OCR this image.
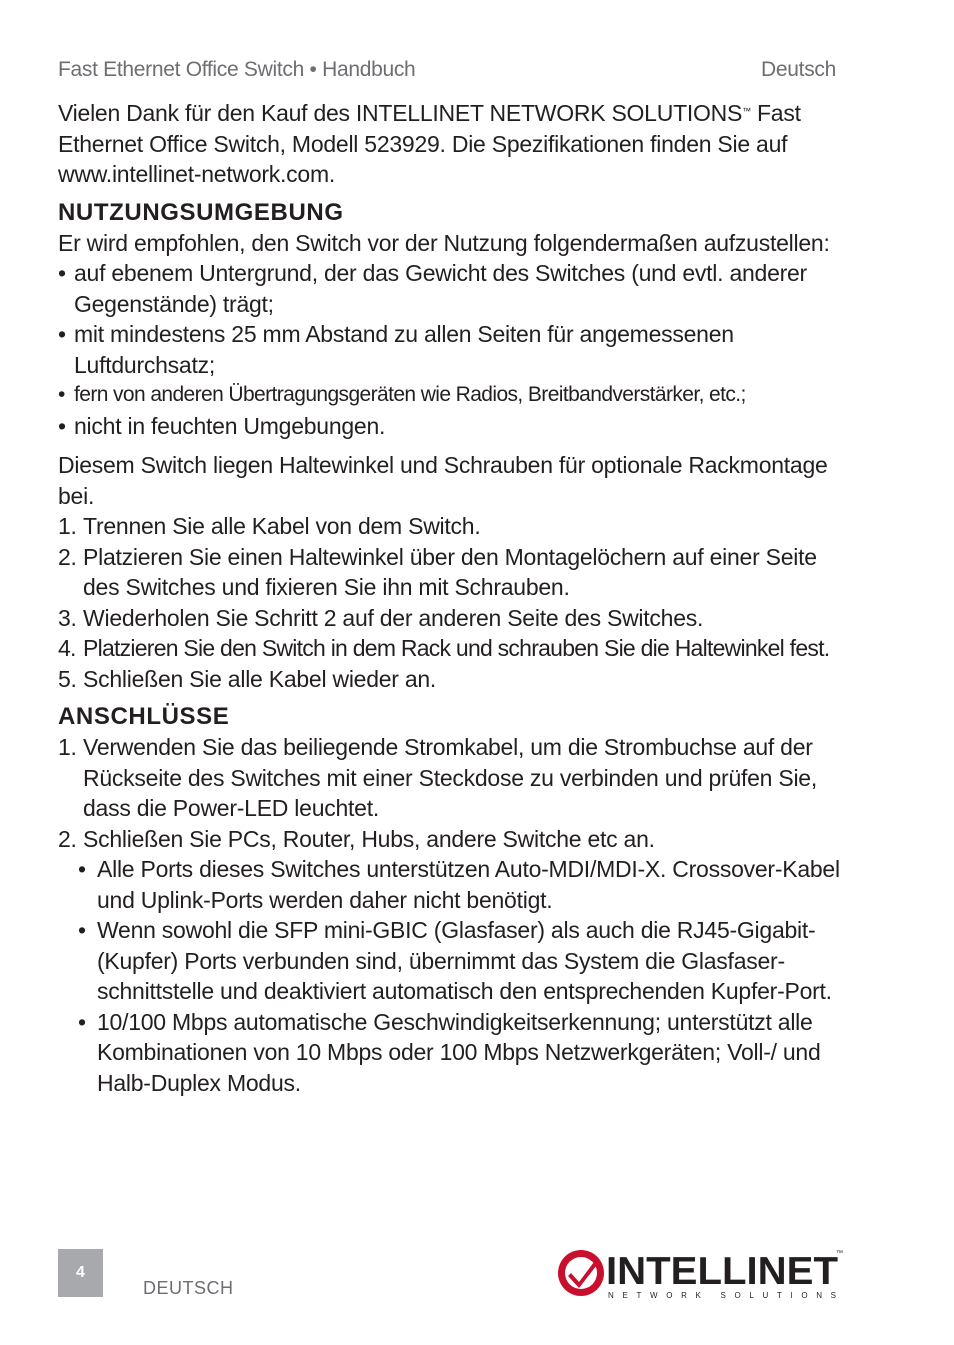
Fast Ethernet Office Switch • Handbuch	Deutsch

Vielen Dank für den Kauf des INTELLINET NETWORK SOLUTIONS™ Fast Ethernet Office Switch, Modell 523929. Die Spezifikationen finden Sie auf www.intellinet-network.com.

NUTZUNGSUMGEBUNG

Er wird empfohlen, den Switch vor der Nutzung folgendermaßen aufzustellen:

• auf ebenem Untergrund, der das Gewicht des Switches (und evtl. anderer Gegenstände) trägt;
• mit mindestens 25 mm Abstand zu allen Seiten für angemessenen Luftdurchsatz;
• fern von anderen Übertragungsgeräten wie Radios, Breitbandverstärker, etc.;
• nicht in feuchten Umgebungen.

Diesem Switch liegen Haltewinkel und Schrauben für optionale Rackmontage bei.

1. Trennen Sie alle Kabel von dem Switch.
2. Platzieren Sie einen Haltewinkel über den Montagelöchern auf einer Seite des Switches und fixieren Sie ihn mit Schrauben.
3. Wiederholen Sie Schritt 2 auf der anderen Seite des Switches.
4. Platzieren Sie den Switch in dem Rack und schrauben Sie die Haltewinkel fest.
5. Schließen Sie alle Kabel wieder an.
ANSCHLÜSSE
1. Verwenden Sie das beiliegende Stromkabel, um die Strombuchse auf der Rückseite des Switches mit einer Steckdose zu verbinden und prüfen Sie, dass die Power-LED leuchtet.
2. Schließen Sie PCs, Router, Hubs, andere Switche etc an.
• Alle Ports dieses Switches unterstützen Auto-MDI/MDI-X. Crossover-Kabel und Uplink-Ports werden daher nicht benötigt.
• Wenn sowohl die SFP mini-GBIC (Glasfaser) als auch die RJ45-Gigabit-(Kupfer) Ports verbunden sind, übernimmt das System die Glasfaser-schnittstelle und deaktiviert automatisch den entsprechenden Kupfer-Port.
• 10/100 Mbps automatische Geschwindigkeitserkennung; unterstützt alle Kombinationen von 10 Mbps oder 100 Mbps Netzwerkgeräten; Voll-/ und Halb-Duplex Modus.
4
DEUTSCH	INTELLINET
™
NETWORK SOLUTIONS
